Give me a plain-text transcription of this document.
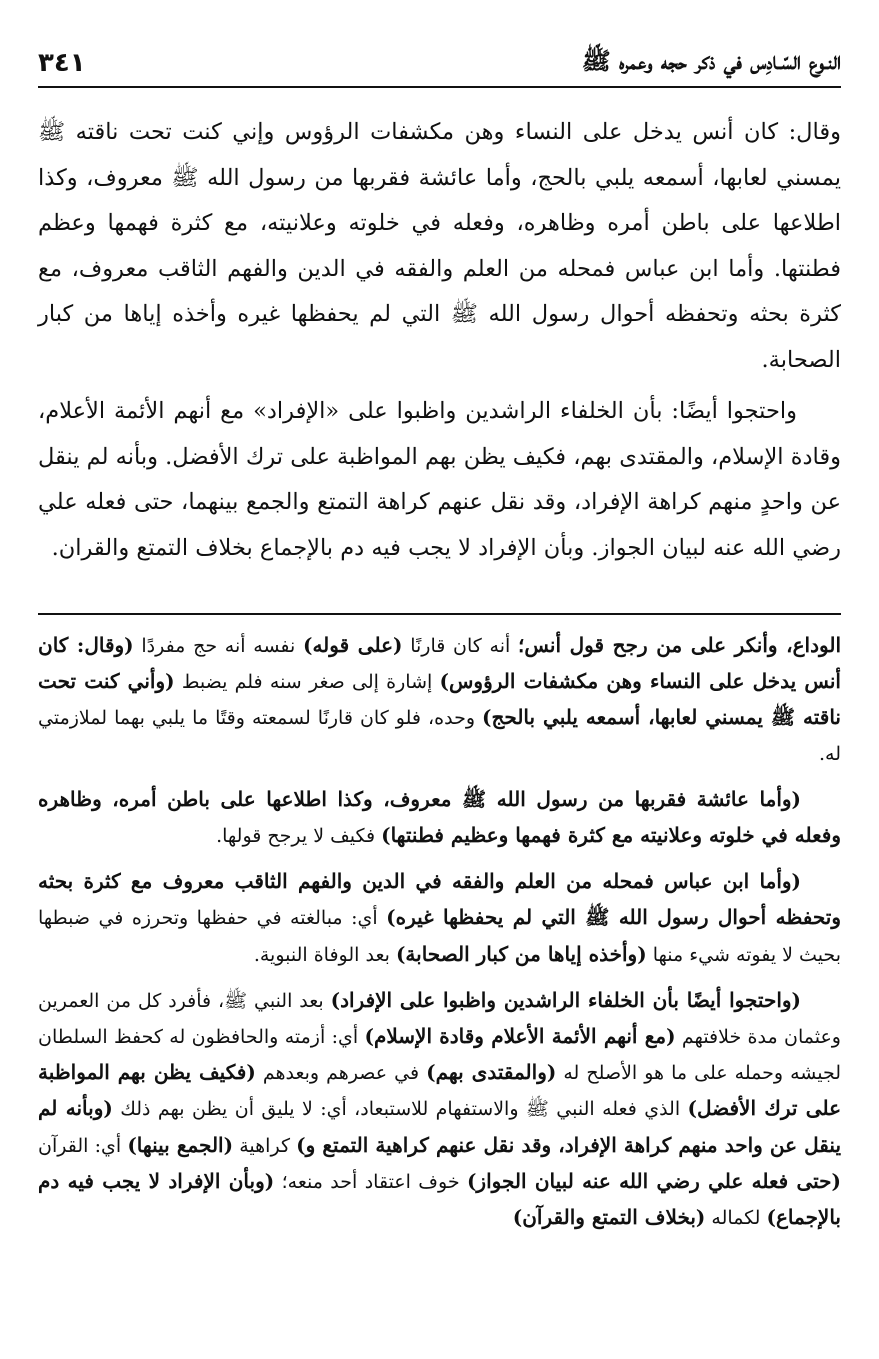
النـوع السّـادِس في ذكر حجه وعمره ﷺ
٣٤١

وقال: كان أنس يدخل على النساء وهن مكشفات الرؤوس وإني كنت تحت ناقته ﷺ يمسني لعابها، أسمعه يلبي بالحج، وأما عائشة فقربها من رسول الله ﷺ معروف، وكذا اطلاعها على باطن أمره وظاهره، وفعله في خلوته وعلانيته، مع كثرة فهمها وعظم فطنتها. وأما ابن عباس فمحله من العلم والفقه في الدين والفهم الثاقب معروف، مع كثرة بحثه وتحفظه أحوال رسول الله ﷺ التي لم يحفظها غيره وأخذه إياها من كبار الصحابة.

واحتجوا أيضًا: بأن الخلفاء الراشدين واظبوا على «الإفراد» مع أنهم الأئمة الأعلام، وقادة الإسلام، والمقتدى بهم، فكيف يظن بهم المواظبة على ترك الأفضل. وبأنه لم ينقل عن واحدٍ منهم كراهة الإفراد، وقد نقل عنهم كراهة التمتع والجمع بينهما، حتى فعله علي رضي الله عنه لبيان الجواز. وبأن الإفراد لا يجب فيه دم بالإجماع بخلاف التمتع والقران.

الوداع، وأنكر على من رجح قول أنس؛ أنه كان قارنًا (على قوله) نفسه أنه حج مفردًا (وقال: كان أنس يدخل على النساء وهن مكشفات الرؤوس) إشارة إلى صغر سنه فلم يضبط (وأني كنت تحت ناقته ﷺ يمسني لعابها، أسمعه يلبي بالحج) وحده، فلو كان قارنًا لسمعته وقتًا ما يلبي بهما لملازمتي له.

(وأما عائشة فقربها من رسول الله ﷺ معروف، وكذا اطلاعها على باطن أمره، وظاهره وفعله في خلوته وعلانيته مع كثرة فهمها وعظيم فطنتها) فكيف لا يرجح قولها.

(وأما ابن عباس فمحله من العلم والفقه في الدين والفهم الثاقب معروف مع كثرة بحثه وتحفظه أحوال رسول الله ﷺ التي لم يحفظها غيره) أي: مبالغته في حفظها وتحرزه في ضبطها بحيث لا يفوته شيء منها (وأخذه إياها من كبار الصحابة) بعد الوفاة النبوية.

(واحتجوا أيضًا بأن الخلفاء الراشدين واظبوا على الإفراد) بعد النبي ﷺ، فأفرد كل من العمرين وعثمان مدة خلافتهم (مع أنهم الأئمة الأعلام وقادة الإسلام) أي: أزمته والحافظون له كحفظ السلطان لجيشه وحمله على ما هو الأصلح له (والمقتدى بهم) في عصرهم وبعدهم (فكيف يظن بهم المواظبة على ترك الأفضل) الذي فعله النبي ﷺ والاستفهام للاستبعاد، أي: لا يليق أن يظن بهم ذلك (وبأنه لم ينقل عن واحد منهم كراهة الإفراد، وقد نقل عنهم كراهية التمتع و) كراهية (الجمع بينها) أي: القرآن (حتى فعله علي رضي الله عنه لبيان الجواز) خوف اعتقاد أحد منعه؛ (وبأن الإفراد لا يجب فيه دم بالإجماع) لكماله (بخلاف التمتع والقرآن)
